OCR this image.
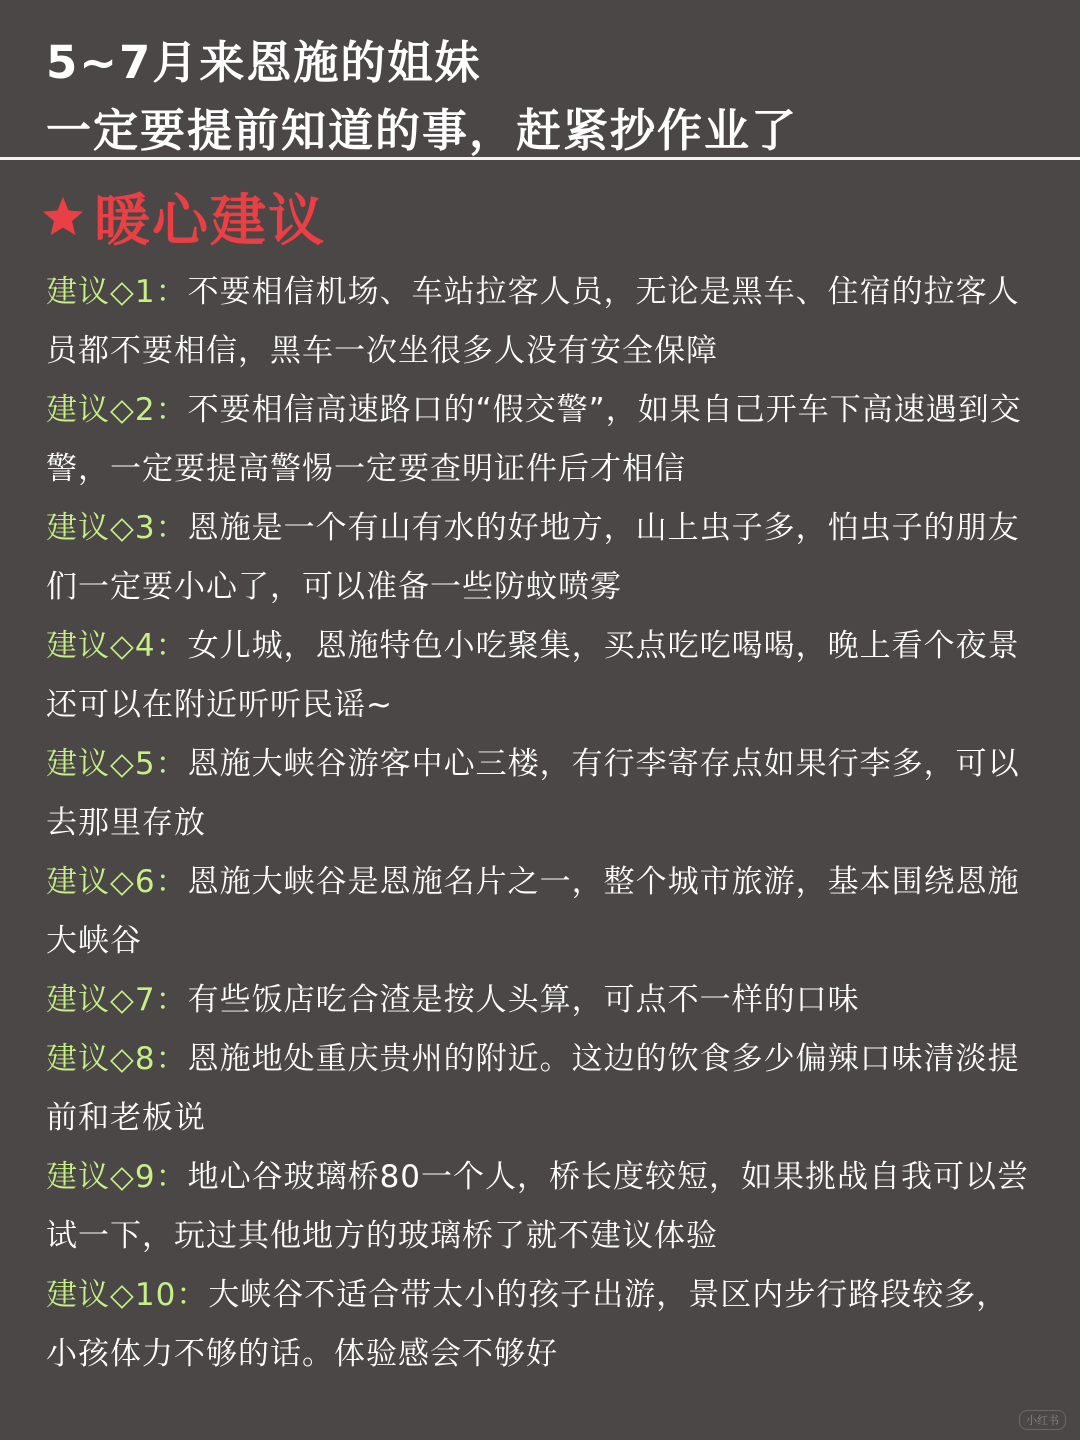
5~7月来恩施的姐妹
一定要提前知道的事，赶紧抄作业了
暖心建议
建议◇1：不要相信机场、车站拉客人员，无论是黑车、住宿的拉客人员都不要相信，黑车一次坐很多人没有安全保障
建议◇2：不要相信高速路口的“假交警”，如果自己开车下高速遇到交警，一定要提高警惕一定要查明证件后才相信
建议◇3：恩施是一个有山有水的好地方，山上虫子多，怕虫子的朋友们一定要小心了，可以准备一些防蚊喷雾
建议◇4：女儿城，恩施特色小吃聚集，买点吃吃喝喝，晚上看个夜景还可以在附近听听民谣~
建议◇5：恩施大峡谷游客中心三楼，有行李寄存点如果行李多，可以去那里存放
建议◇6：恩施大峡谷是恩施名片之一，整个城市旅游，基本围绕恩施大峡谷
建议◇7：有些饭店吃合渣是按人头算，可点不一样的口味
建议◇8：恩施地处重庆贵州的附近。这边的饮食多少偏辣口味清淡提前和老板说
建议◇9：地心谷玻璃桥80一个人，桥长度较短，如果挑战自我可以尝试一下，玩过其他地方的玻璃桥了就不建议体验
建议◇10：大峡谷不适合带太小的孩子出游，景区内步行路段较多，小孩体力不够的话。体验感会不够好
小红书
